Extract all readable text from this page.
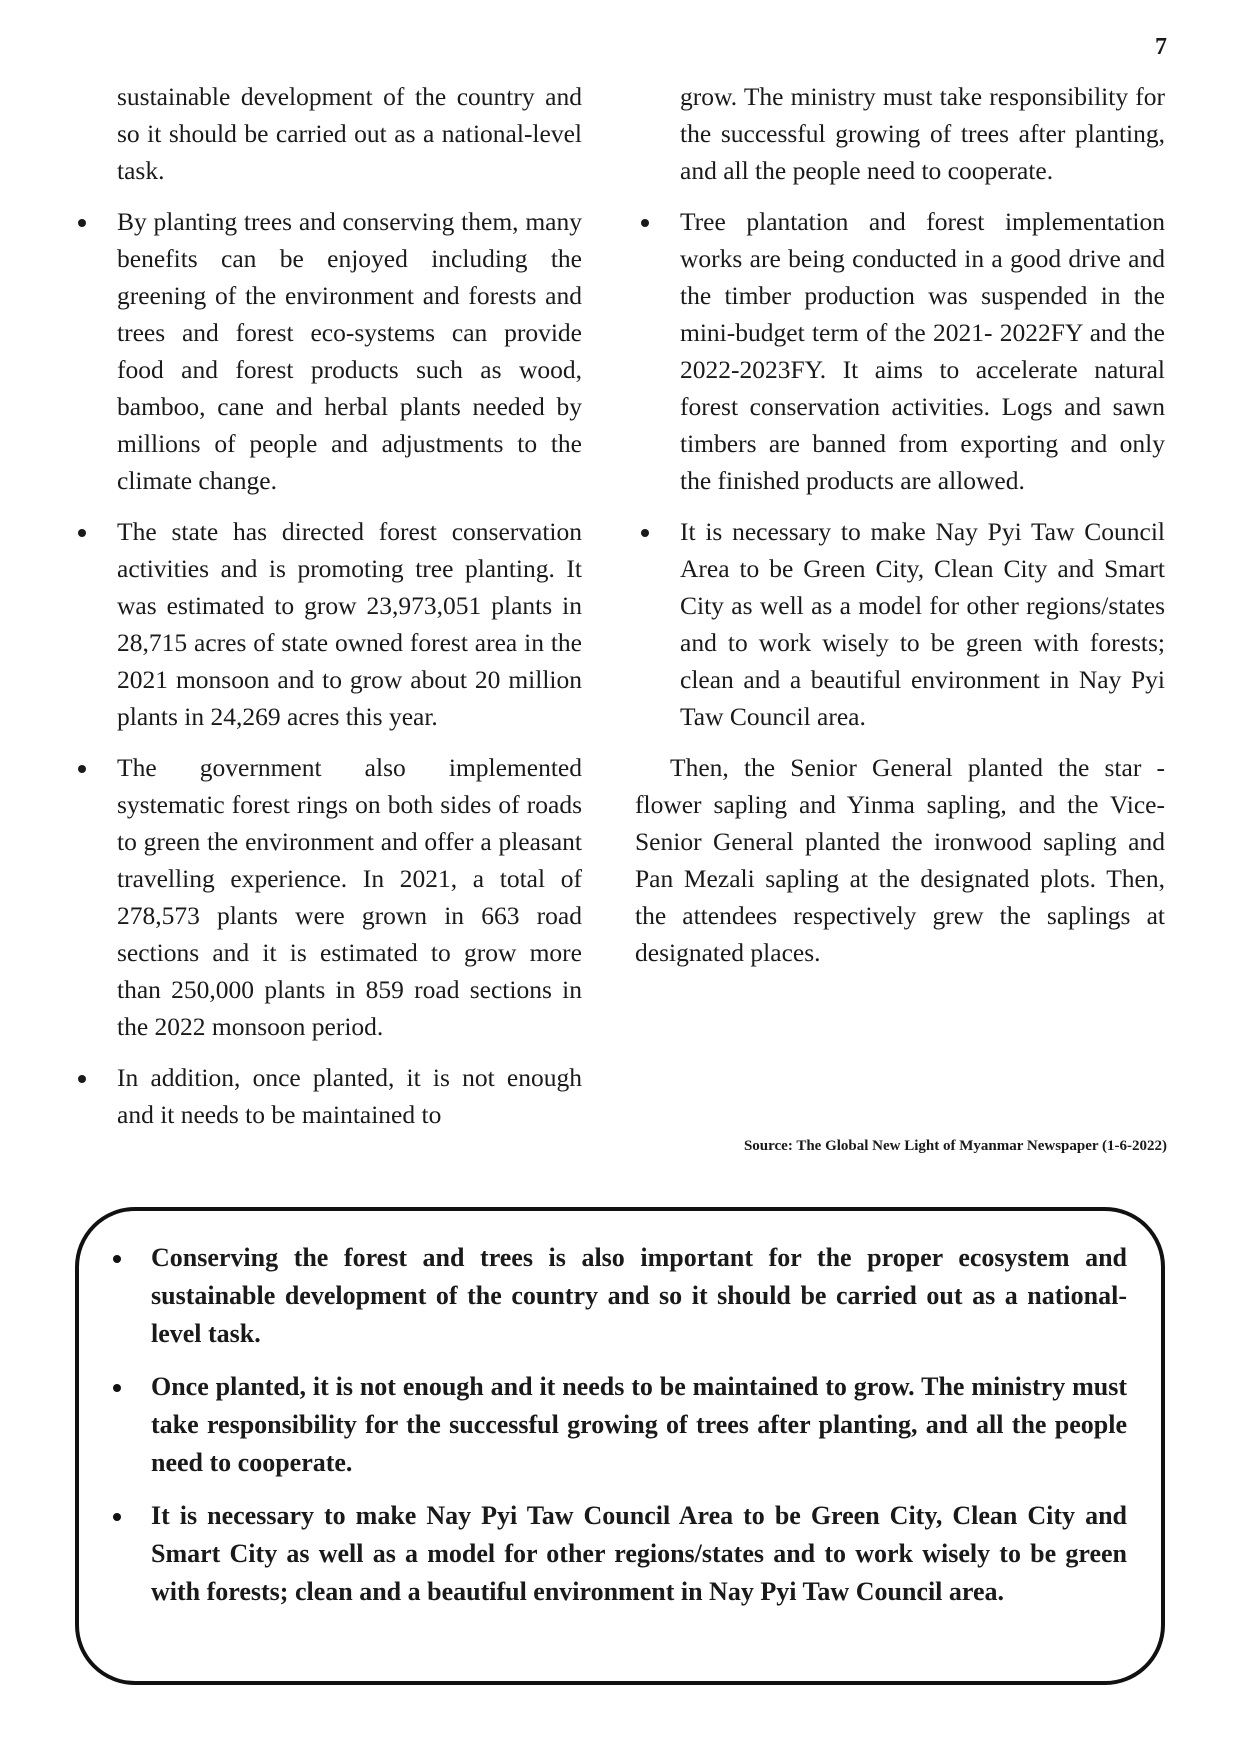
7

sustainable development of the country and so it should be carried out as a national-level task.

By planting trees and conserving them, many benefits can be enjoyed including the greening of the environment and forests and trees and forest eco-systems can provide food and forest products such as wood, bamboo, cane and herbal plants needed by millions of people and adjustments to the climate change.
The state has directed forest conservation activities and is promoting tree planting. It was estimated to grow 23,973,051 plants in 28,715 acres of state owned forest area in the 2021 monsoon and to grow about 20 million plants in 24,269 acres this year.
The government also implemented systematic forest rings on both sides of roads to green the environment and offer a pleasant travelling experience. In 2021, a total of 278,573 plants were grown in 663 road sections and it is estimated to grow more than 250,000 plants in 859 road sections in the 2022 monsoon period.
In addition, once planted, it is not enough and it needs to be maintained to

grow. The ministry must take responsibility for the successful growing of trees after planting, and all the people need to cooperate.

Tree plantation and forest implementation works are being conducted in a good drive and the timber production was suspended in the mini-budget term of the 2021- 2022FY and the 2022-2023FY. It aims to accelerate natural forest conservation activities. Logs and sawn timbers are banned from exporting and only the finished products are allowed.
It is necessary to make Nay Pyi Taw Council Area to be Green City, Clean City and Smart City as well as a model for other regions/states and to work wisely to be green with forests; clean and a beautiful environment in Nay Pyi Taw Council area.

Then, the Senior General planted the star -flower sapling and Yinma sapling, and the Vice-Senior General planted the ironwood sapling and Pan Mezali sapling at the designated plots. Then, the attendees respectively grew the saplings at designated places.

Source: The Global New Light of Myanmar Newspaper (1-6-2022)
Conserving the forest and trees is also important for the proper ecosystem and sustainable development of the country and so it should be carried out as a national-level task.
Once planted, it is not enough and it needs to be maintained to grow. The ministry must take responsibility for the successful growing of trees after planting, and all the people need to cooperate.
It is necessary to make Nay Pyi Taw Council Area to be Green City, Clean City and Smart City as well as a model for other regions/states and to work wisely to be green with forests; clean and a beautiful environment in Nay Pyi Taw Council area.
